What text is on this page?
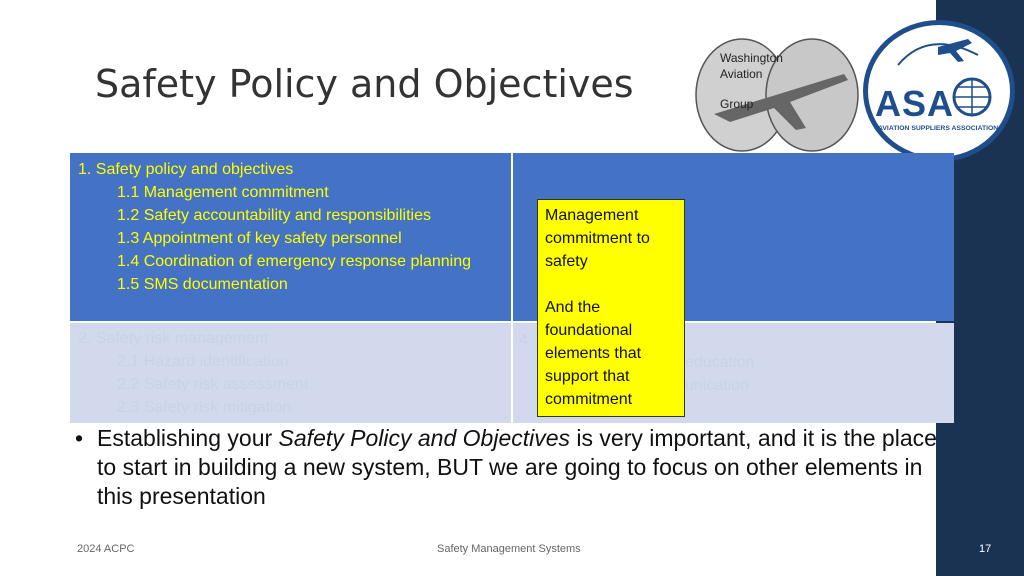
Safety Policy and Objectives
Washington
Aviation
Group	ASA
AVIATION SUPPLIERS ASSOCIATION
1. Safety policy and objectives
1.1 Management commitment
1.2 Safety accountability and responsibilities
1.3 Appointment of key safety personnel
1.4 Coordination of emergency response planning
1.5 SMS documentation
2. Safety risk management
2.1 Hazard identification
2.2 Safety risk assessment
2.3 Safety risk mitigation
4.
education
unication
Management commitment to safety
And the foundational elements that support that commitment
• Establishing your Safety Policy and Objectives is very important, and it is the place to start in building a new system, BUT we are going to focus on other elements in this presentation
2024 ACPC	Safety Management Systems	17
